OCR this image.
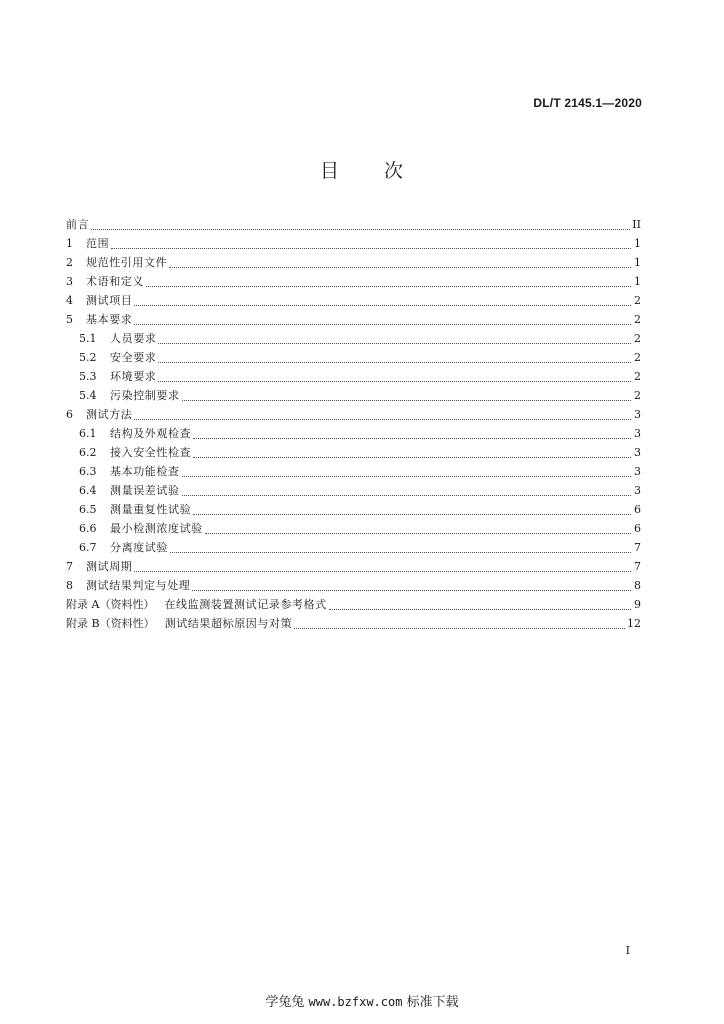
DL/T 2145.1—2020
目 次
前言	II
1	范围	1
2	规范性引用文件	1
3	术语和定义	1
4	测试项目	2
5	基本要求	2
5.1	人员要求	2
5.2	安全要求	2
5.3	环境要求	2
5.4	污染控制要求	2
6	测试方法	3
6.1	结构及外观检查	3
6.2	接入安全性检查	3
6.3	基本功能检查	3
6.4	测量误差试验	3
6.5	测量重复性试验	6
6.6	最小检测浓度试验	6
6.7	分离度试验	7
7	测试周期	7
8	测试结果判定与处理	8
附录 A（资料性） 在线监测装置测试记录参考格式	9
附录 B（资料性） 测试结果超标原因与对策	12
I
学兔兔 www.bzfxw.com 标准下载
